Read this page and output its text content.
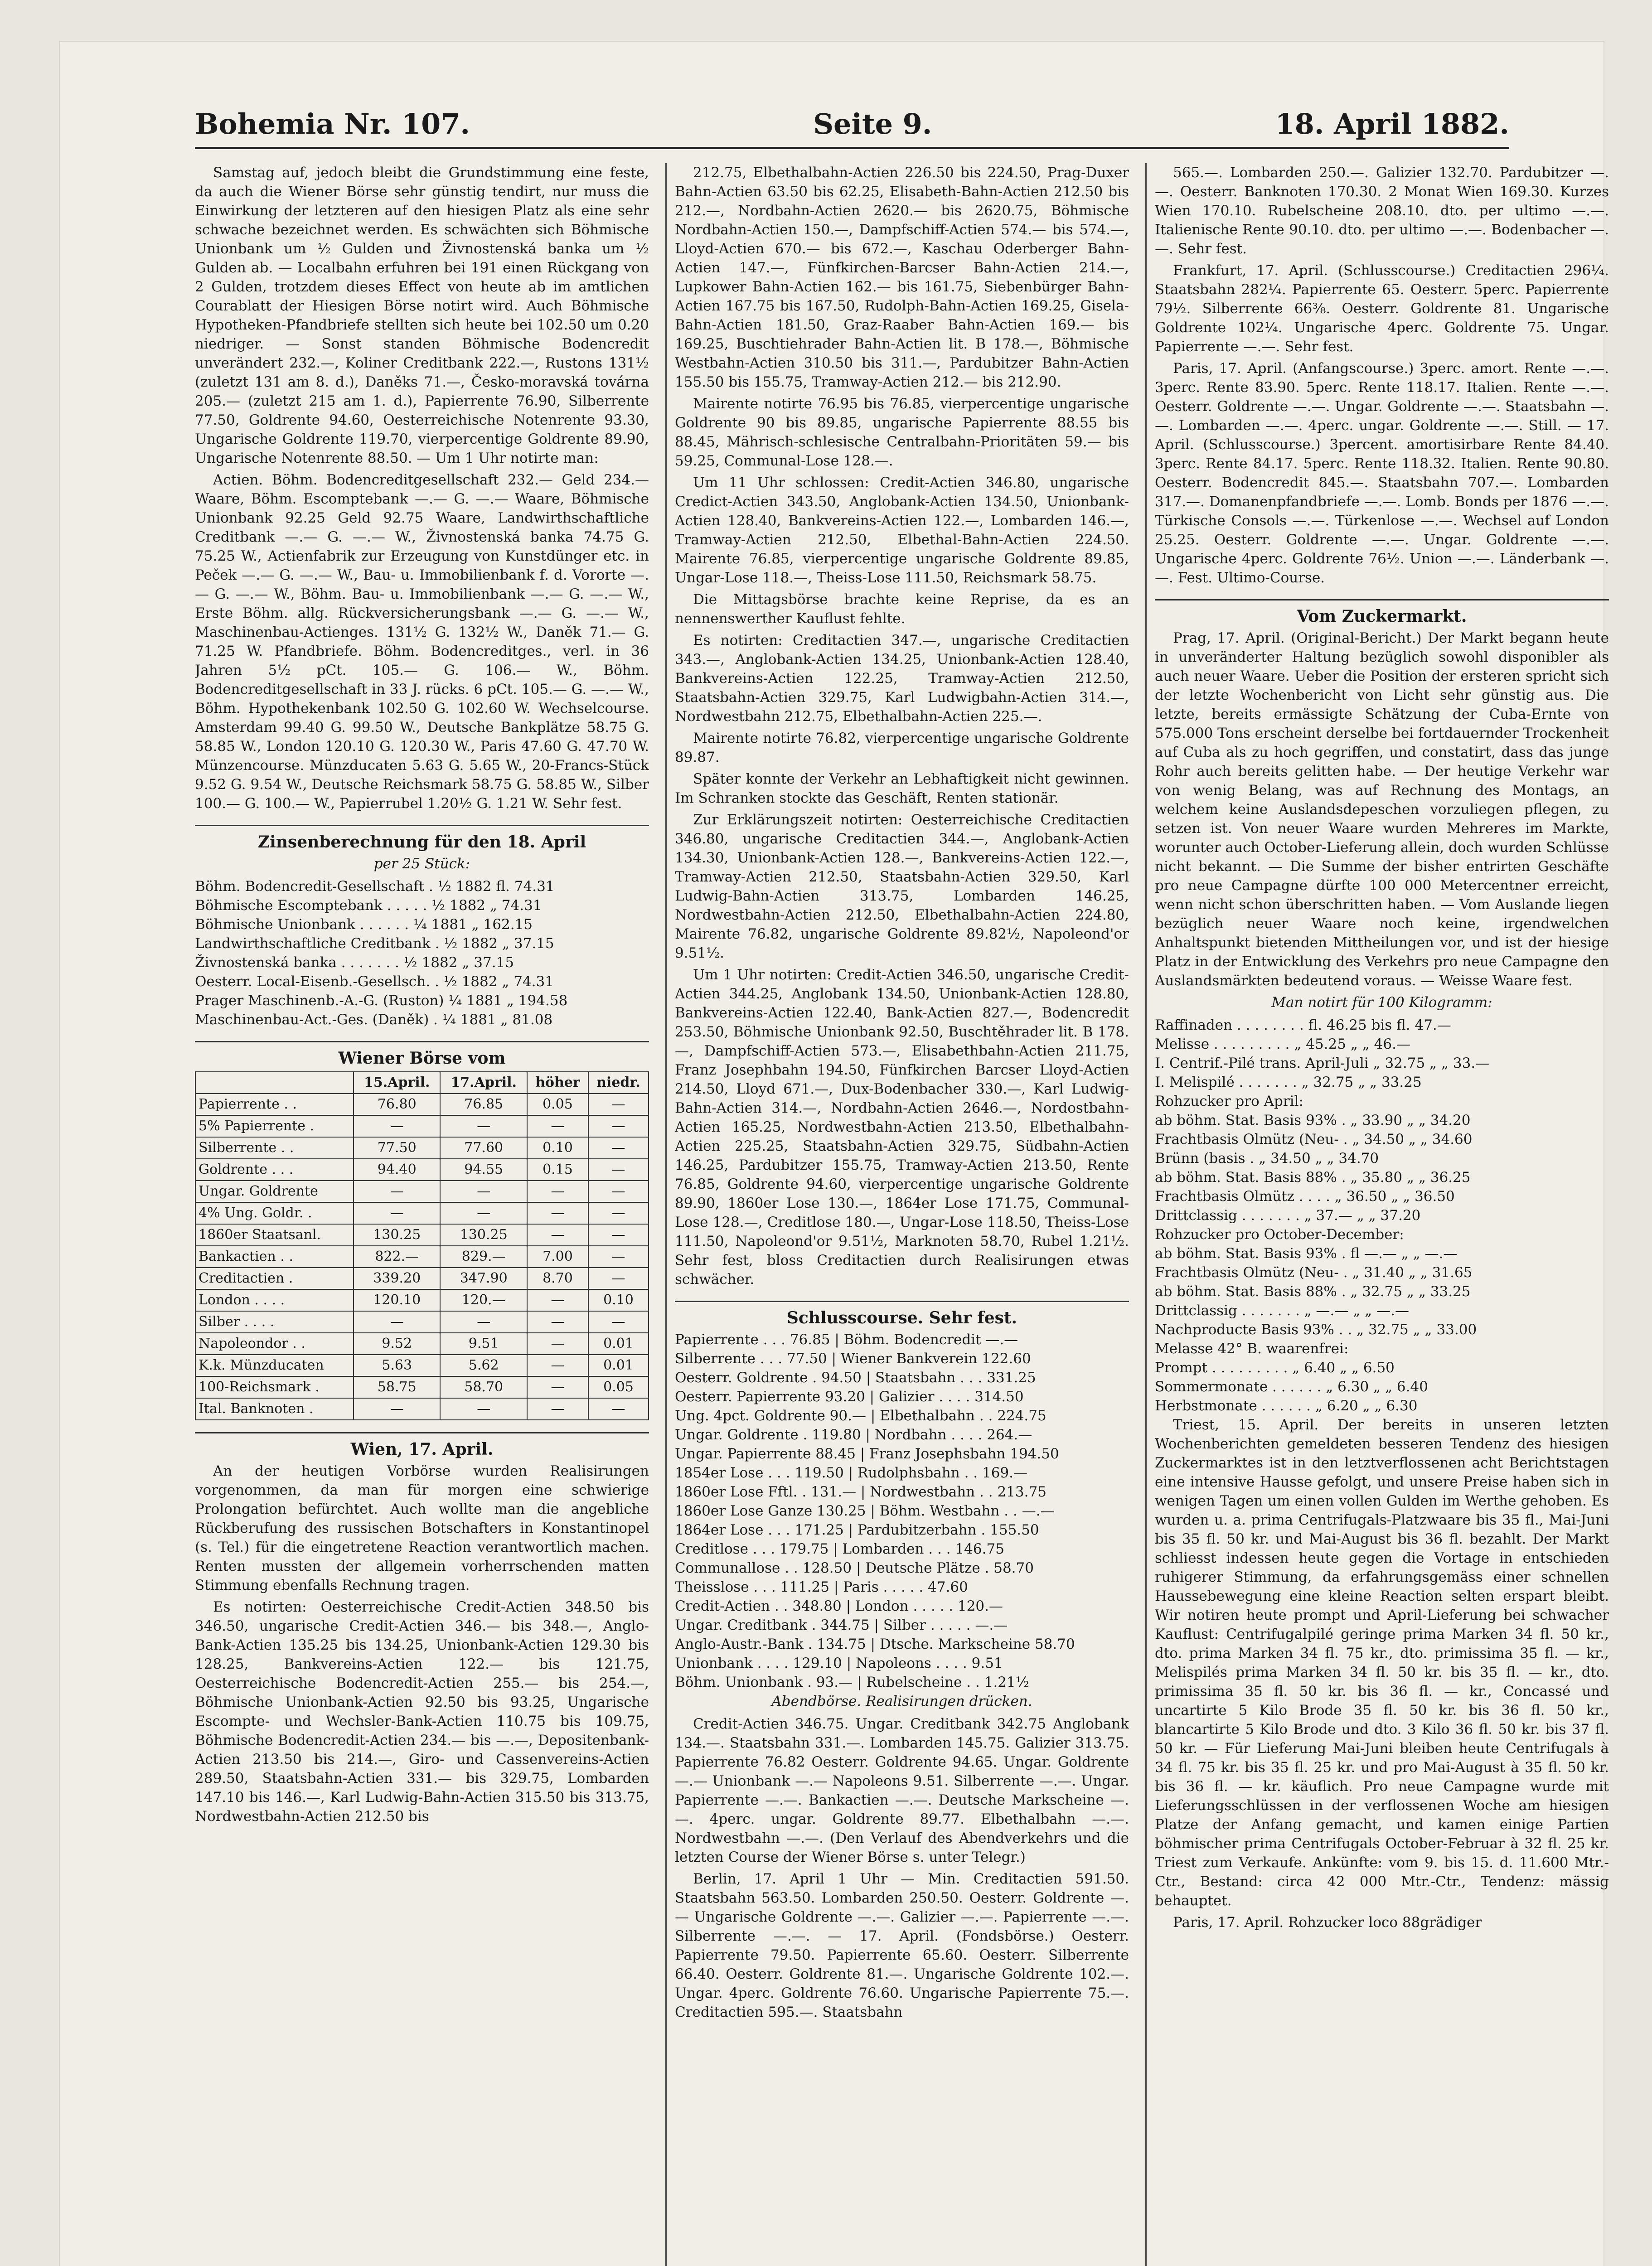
Bohemia Nr. 107.	Seite 9.	18. April 1882.

Samstag auf, jedoch bleibt die Grundstimmung eine feste, da auch die Wiener Börse sehr günstig tendirt, nur muss die Einwirkung der letzteren auf den hiesigen Platz als eine sehr schwache bezeichnet werden. Es schwächten sich Böhmische Unionbank um ½ Gulden und Živnostenská banka um ½ Gulden ab. — Localbahn erfuhren bei 191 einen Rückgang von 2 Gulden, trotzdem dieses Effect von heute ab im amtlichen Courablatt der Hiesigen Börse notirt wird. Auch Böhmische Hypotheken-Pfandbriefe stellten sich heute bei 102.50 um 0.20 niedriger. — Sonst standen Böhmische Bodencredit unverändert 232.—, Koliner Creditbank 222.—, Rustons 131½ (zuletzt 131 am 8. d.), Daněks 71.—, Česko-moravská továrna 205.— (zuletzt 215 am 1. d.), Papierrente 76.90, Silberrente 77.50, Goldrente 94.60, Oesterreichische Notenrente 93.30, Ungarische Goldrente 119.70, vierpercentige Goldrente 89.90, Ungarische Notenrente 88.50. — Um 1 Uhr notirte man:

Actien. Böhm. Bodencreditgesellschaft 232.— Geld 234.— Waare, Böhm. Escomptebank —.— G. —.— Waare, Böhmische Unionbank 92.25 Geld 92.75 Waare, Landwirthschaftliche Creditbank —.— G. —.— W., Živnostenská banka 74.75 G. 75.25 W., Actienfabrik zur Erzeugung von Kunstdünger etc. in Peček —.— G. —.— W., Bau- u. Immobilienbank f. d. Vororte —.— G. —.— W., Böhm. Bau- u. Immobilienbank —.— G. —.— W., Erste Böhm. allg. Rückversicherungsbank —.— G. —.— W., Maschinenbau-Actienges. 131½ G. 132½ W., Daněk 71.— G. 71.25 W. Pfandbriefe. Böhm. Bodencreditges., verl. in 36 Jahren 5½ pCt. 105.— G. 106.— W., Böhm. Bodencreditgesellschaft in 33 J. rücks. 6 pCt. 105.— G. —.— W., Böhm. Hypothekenbank 102.50 G. 102.60 W. Wechselcourse. Amsterdam 99.40 G. 99.50 W., Deutsche Bankplätze 58.75 G. 58.85 W., London 120.10 G. 120.30 W., Paris 47.60 G. 47.70 W. Münzencourse. Münzducaten 5.63 G. 5.65 W., 20-Francs-Stück 9.52 G. 9.54 W., Deutsche Reichsmark 58.75 G. 58.85 W., Silber 100.— G. 100.— W., Papierrubel 1.20½ G. 1.21 W. Sehr fest.

Zinsenberechnung für den 18. April
per 25 Stück:
Böhm. Bodencredit-Gesellschaft . ½ 1882 fl. 74.31
Böhmische Escomptebank . . . . . ½ 1882 „ 74.31
Böhmische Unionbank . . . . . . ¼ 1881 „ 162.15
Landwirthschaftliche Creditbank . ½ 1882 „ 37.15
Živnostenská banka . . . . . . . ½ 1882 „ 37.15
Oesterr. Local-Eisenb.-Gesellsch. . ½ 1882 „ 74.31
Prager Maschinenb.-A.-G. (Ruston) ¼ 1881 „ 194.58
Maschinenbau-Act.-Ges. (Daněk) . ¼ 1881 „ 81.08
Wiener Börse vom
	15.April.	17.April.	höher	niedr.
Papierrente . .	76.80	76.85	0.05	—
5% Papierrente .	—	—	—	—
Silberrente . .	77.50	77.60	0.10	—
Goldrente . . .	94.40	94.55	0.15	—
Ungar. Goldrente	—	—	—	—
4% Ung. Goldr. .	—	—	—	—
1860er Staatsanl.	130.25	130.25	—	—
Bankactien . .	822.—	829.—	7.00	—
Creditactien .	339.20	347.90	8.70	—
London . . . .	120.10	120.—	—	0.10
Silber . . . .	—	—	—	—
Napoleondor . .	9.52	9.51	—	0.01
K.k. Münzducaten	5.63	5.62	—	0.01
100-Reichsmark .	58.75	58.70	—	0.05
Ital. Banknoten .	—	—	—	—
Wien, 17. April.

An der heutigen Vorbörse wurden Realisirungen vorgenommen, da man für morgen eine schwierige Prolongation befürchtet. Auch wollte man die angebliche Rückberufung des russischen Botschafters in Konstantinopel (s. Tel.) für die eingetretene Reaction verantwortlich machen. Renten mussten der allgemein vorherrschenden matten Stimmung ebenfalls Rechnung tragen.

Es notirten: Oesterreichische Credit-Actien 348.50 bis 346.50, ungarische Credit-Actien 346.— bis 348.—, Anglo-Bank-Actien 135.25 bis 134.25, Unionbank-Actien 129.30 bis 128.25, Bankvereins-Actien 122.— bis 121.75, Oesterreichische Bodencredit-Actien 255.— bis 254.—, Böhmische Unionbank-Actien 92.50 bis 93.25, Ungarische Escompte- und Wechsler-Bank-Actien 110.75 bis 109.75, Böhmische Bodencredit-Actien 234.— bis —.—, Depositenbank-Actien 213.50 bis 214.—, Giro- und Cassenvereins-Actien 289.50, Staatsbahn-Actien 331.— bis 329.75, Lombarden 147.10 bis 146.—, Karl Ludwig-Bahn-Actien 315.50 bis 313.75, Nordwestbahn-Actien 212.50 bis

212.75, Elbethalbahn-Actien 226.50 bis 224.50, Prag-Duxer Bahn-Actien 63.50 bis 62.25, Elisabeth-Bahn-Actien 212.50 bis 212.—, Nordbahn-Actien 2620.— bis 2620.75, Böhmische Nordbahn-Actien 150.—, Dampfschiff-Actien 574.— bis 574.—, Lloyd-Actien 670.— bis 672.—, Kaschau Oderberger Bahn-Actien 147.—, Fünfkirchen-Barcser Bahn-Actien 214.—, Lupkower Bahn-Actien 162.— bis 161.75, Siebenbürger Bahn-Actien 167.75 bis 167.50, Rudolph-Bahn-Actien 169.25, Gisela-Bahn-Actien 181.50, Graz-Raaber Bahn-Actien 169.— bis 169.25, Buschtiehrader Bahn-Actien lit. B 178.—, Böhmische Westbahn-Actien 310.50 bis 311.—, Pardubitzer Bahn-Actien 155.50 bis 155.75, Tramway-Actien 212.— bis 212.90.

Mairente notirte 76.95 bis 76.85, vierpercentige ungarische Goldrente 90 bis 89.85, ungarische Papierrente 88.55 bis 88.45, Mährisch-schlesische Centralbahn-Prioritäten 59.— bis 59.25, Communal-Lose 128.—.

Um 11 Uhr schlossen: Credit-Actien 346.80, ungarische Credict-Actien 343.50, Anglobank-Actien 134.50, Unionbank-Actien 128.40, Bankvereins-Actien 122.—, Lombarden 146.—, Tramway-Actien 212.50, Elbethal-Bahn-Actien 224.50. Mairente 76.85, vierpercentige ungarische Goldrente 89.85, Ungar-Lose 118.—, Theiss-Lose 111.50, Reichsmark 58.75.

Die Mittagsbörse brachte keine Reprise, da es an nennenswerther Kauflust fehlte.

Es notirten: Creditactien 347.—, ungarische Creditactien 343.—, Anglobank-Actien 134.25, Unionbank-Actien 128.40, Bankvereins-Actien 122.25, Tramway-Actien 212.50, Staatsbahn-Actien 329.75, Karl Ludwigbahn-Actien 314.—, Nordwestbahn 212.75, Elbethalbahn-Actien 225.—.

Mairente notirte 76.82, vierpercentige ungarische Goldrente 89.87.

Später konnte der Verkehr an Lebhaftigkeit nicht gewinnen. Im Schranken stockte das Geschäft, Renten stationär.

Zur Erklärungszeit notirten: Oesterreichische Creditactien 346.80, ungarische Creditactien 344.—, Anglobank-Actien 134.30, Unionbank-Actien 128.—, Bankvereins-Actien 122.—, Tramway-Actien 212.50, Staatsbahn-Actien 329.50, Karl Ludwig-Bahn-Actien 313.75, Lombarden 146.25, Nordwestbahn-Actien 212.50, Elbethalbahn-Actien 224.80, Mairente 76.82, ungarische Goldrente 89.82½, Napoleond'or 9.51½.

Um 1 Uhr notirten: Credit-Actien 346.50, ungarische Credit-Actien 344.25, Anglobank 134.50, Unionbank-Actien 128.80, Bankvereins-Actien 122.40, Bank-Actien 827.—, Bodencredit 253.50, Böhmische Unionbank 92.50, Buschtěhrader lit. B 178.—, Dampfschiff-Actien 573.—, Elisabethbahn-Actien 211.75, Franz Josephbahn 194.50, Fünfkirchen Barcser Lloyd-Actien 214.50, Lloyd 671.—, Dux-Bodenbacher 330.—, Karl Ludwig-Bahn-Actien 314.—, Nordbahn-Actien 2646.—, Nordostbahn-Actien 165.25, Nordwestbahn-Actien 213.50, Elbethalbahn-Actien 225.25, Staatsbahn-Actien 329.75, Südbahn-Actien 146.25, Pardubitzer 155.75, Tramway-Actien 213.50, Rente 76.85, Goldrente 94.60, vierpercentige ungarische Goldrente 89.90, 1860er Lose 130.—, 1864er Lose 171.75, Communal-Lose 128.—, Creditlose 180.—, Ungar-Lose 118.50, Theiss-Lose 111.50, Napoleond'or 9.51½, Marknoten 58.70, Rubel 1.21½. Sehr fest, bloss Creditactien durch Realisirungen etwas schwächer.

Schlusscourse. Sehr fest.
Papierrente . . . 76.85 | Böhm. Bodencredit —.—
Silberrente . . . 77.50 | Wiener Bankverein 122.60
Oesterr. Goldrente . 94.50 | Staatsbahn . . . 331.25
Oesterr. Papierrente 93.20 | Galizier . . . . 314.50
Ung. 4pct. Goldrente 90.— | Elbethalbahn . . 224.75
Ungar. Goldrente . 119.80 | Nordbahn . . . . 264.—
Ungar. Papierrente 88.45 | Franz Josephsbahn 194.50
1854er Lose . . . 119.50 | Rudolphsbahn . . 169.—
1860er Lose Fftl. . 131.— | Nordwestbahn . . 213.75
1860er Lose Ganze 130.25 | Böhm. Westbahn . . —.—
1864er Lose . . . 171.25 | Pardubitzerbahn . 155.50
Creditlose . . . 179.75 | Lombarden . . . 146.75
Communallose . . 128.50 | Deutsche Plätze . 58.70
Theisslose . . . 111.25 | Paris . . . . . 47.60
Credit-Actien . . 348.80 | London . . . . . 120.—
Ungar. Creditbank . 344.75 | Silber . . . . . —.—
Anglo-Austr.-Bank . 134.75 | Dtsche. Markscheine 58.70
Unionbank . . . . 129.10 | Napoleons . . . . 9.51
Böhm. Unionbank . 93.— | Rubelscheine . . 1.21½
Abendbörse. Realisirungen drücken.

Credit-Actien 346.75. Ungar. Creditbank 342.75 Anglobank 134.—. Staatsbahn 331.—. Lombarden 145.75. Galizier 313.75. Papierrente 76.82 Oesterr. Goldrente 94.65. Ungar. Goldrente —.— Unionbank —.— Napoleons 9.51. Silberrente —.—. Ungar. Papierrente —.—. Bankactien —.—. Deutsche Markscheine —.—. 4perc. ungar. Goldrente 89.77. Elbethalbahn —.—. Nordwestbahn —.—. (Den Verlauf des Abendverkehrs und die letzten Course der Wiener Börse s. unter Telegr.)

Berlin, 17. April 1 Uhr — Min. Creditactien 591.50. Staatsbahn 563.50. Lombarden 250.50. Oesterr. Goldrente —.— Ungarische Goldrente —.—. Galizier —.—. Papierrente —.—. Silberrente —.—. — 17. April. (Fondsbörse.) Oesterr. Papierrente 79.50. Papierrente 65.60. Oesterr. Silberrente 66.40. Oesterr. Goldrente 81.—. Ungarische Goldrente 102.—. Ungar. 4perc. Goldrente 76.60. Ungarische Papierrente 75.—. Creditactien 595.—. Staatsbahn

565.—. Lombarden 250.—. Galizier 132.70. Pardubitzer —.—. Oesterr. Banknoten 170.30. 2 Monat Wien 169.30. Kurzes Wien 170.10. Rubelscheine 208.10. dto. per ultimo —.—. Italienische Rente 90.10. dto. per ultimo —.—. Bodenbacher —.—. Sehr fest.

Frankfurt, 17. April. (Schlusscourse.) Creditactien 296¼. Staatsbahn 282¼. Papierrente 65. Oesterr. 5perc. Papierrente 79½. Silberrente 66⅜. Oesterr. Goldrente 81. Ungarische Goldrente 102¼. Ungarische 4perc. Goldrente 75. Ungar. Papierrente —.—. Sehr fest.

Paris, 17. April. (Anfangscourse.) 3perc. amort. Rente —.—. 3perc. Rente 83.90. 5perc. Rente 118.17. Italien. Rente —.—. Oesterr. Goldrente —.—. Ungar. Goldrente —.—. Staatsbahn —.—. Lombarden —.—. 4perc. ungar. Goldrente —.—. Still. — 17. April. (Schlusscourse.) 3percent. amortisirbare Rente 84.40. 3perc. Rente 84.17. 5perc. Rente 118.32. Italien. Rente 90.80. Oesterr. Bodencredit 845.—. Staatsbahn 707.—. Lombarden 317.—. Domanenpfandbriefe —.—. Lomb. Bonds per 1876 —.—. Türkische Consols —.—. Türkenlose —.—. Wechsel auf London 25.25. Oesterr. Goldrente —.—. Ungar. Goldrente —.—. Ungarische 4perc. Goldrente 76½. Union —.—. Länderbank —.—. Fest. Ultimo-Course.

Vom Zuckermarkt.

Prag, 17. April. (Original-Bericht.) Der Markt begann heute in unveränderter Haltung bezüglich sowohl disponibler als auch neuer Waare. Ueber die Position der ersteren spricht sich der letzte Wochenbericht von Licht sehr günstig aus. Die letzte, bereits ermässigte Schätzung der Cuba-Ernte von 575.000 Tons erscheint derselbe bei fortdauernder Trockenheit auf Cuba als zu hoch gegriffen, und constatirt, dass das junge Rohr auch bereits gelitten habe. — Der heutige Verkehr war von wenig Belang, was auf Rechnung des Montags, an welchem keine Auslandsdepeschen vorzuliegen pflegen, zu setzen ist. Von neuer Waare wurden Mehreres im Markte, worunter auch October-Lieferung allein, doch wurden Schlüsse nicht bekannt. — Die Summe der bisher entrirten Geschäfte pro neue Campagne dürfte 100 000 Metercentner erreicht, wenn nicht schon überschritten haben. — Vom Auslande liegen bezüglich neuer Waare noch keine, irgendwelchen Anhaltspunkt bietenden Mittheilungen vor, und ist der hiesige Platz in der Entwicklung des Verkehrs pro neue Campagne den Auslandsmärkten bedeutend voraus. — Weisse Waare fest.

Man notirt für 100 Kilogramm:
Raffinaden . . . . . . . . fl. 46.25 bis fl. 47.—
Melisse . . . . . . . . . „ 45.25 „ „ 46.—
I. Centrif.-Pilé trans. April-Juli „ 32.75 „ „ 33.—
I. Melispilé . . . . . . . „ 32.75 „ „ 33.25
Rohzucker pro April:
ab böhm. Stat. Basis 93% . „ 33.90 „ „ 34.20
Frachtbasis Olmütz (Neu- . „ 34.50 „ „ 34.60
Brünn (basis . „ 34.50 „ „ 34.70
ab böhm. Stat. Basis 88% . „ 35.80 „ „ 36.25
Frachtbasis Olmütz . . . . „ 36.50 „ „ 36.50
Drittclassig . . . . . . . „ 37.— „ „ 37.20
Rohzucker pro October-December:
ab böhm. Stat. Basis 93% . fl —.— „ „ —.—
Frachtbasis Olmütz (Neu- . „ 31.40 „ „ 31.65
ab böhm. Stat. Basis 88% . „ 32.75 „ „ 33.25
Drittclassig . . . . . . . „ —.— „ „ —.—
Nachproducte Basis 93% . . „ 32.75 „ „ 33.00
Melasse 42° B. waarenfrei:
Prompt . . . . . . . . . „ 6.40 „ „ 6.50
Sommermonate . . . . . . „ 6.30 „ „ 6.40
Herbstmonate . . . . . . „ 6.20 „ „ 6.30

Triest, 15. April. Der bereits in unseren letzten Wochenberichten gemeldeten besseren Tendenz des hiesigen Zuckermarktes ist in den letztverflossenen acht Berichtstagen eine intensive Hausse gefolgt, und unsere Preise haben sich in wenigen Tagen um einen vollen Gulden im Werthe gehoben. Es wurden u. a. prima Centrifugals-Platzwaare bis 35 fl., Mai-Juni bis 35 fl. 50 kr. und Mai-August bis 36 fl. bezahlt. Der Markt schliesst indessen heute gegen die Vortage in entschieden ruhigerer Stimmung, da erfahrungsgemäss einer schnellen Haussebewegung eine kleine Reaction selten erspart bleibt. Wir notiren heute prompt und April-Lieferung bei schwacher Kauflust: Centrifugalpilé geringe prima Marken 34 fl. 50 kr., dto. prima Marken 34 fl. 75 kr., dto. primissima 35 fl. — kr., Melispilés prima Marken 34 fl. 50 kr. bis 35 fl. — kr., dto. primissima 35 fl. 50 kr. bis 36 fl. — kr., Concassé und uncartirte 5 Kilo Brode 35 fl. 50 kr. bis 36 fl. 50 kr., blancartirte 5 Kilo Brode und dto. 3 Kilo 36 fl. 50 kr. bis 37 fl. 50 kr. — Für Lieferung Mai-Juni bleiben heute Centrifugals à 34 fl. 75 kr. bis 35 fl. 25 kr. und pro Mai-August à 35 fl. 50 kr. bis 36 fl. — kr. käuflich. Pro neue Campagne wurde mit Lieferungsschlüssen in der verflossenen Woche am hiesigen Platze der Anfang gemacht, und kamen einige Partien böhmischer prima Centrifugals October-Februar à 32 fl. 25 kr. Triest zum Verkaufe. Ankünfte: vom 9. bis 15. d. 11.600 Mtr.-Ctr., Bestand: circa 42 000 Mtr.-Ctr., Tendenz: mässig behauptet.

Paris, 17. April. Rohzucker loco 88grädiger
